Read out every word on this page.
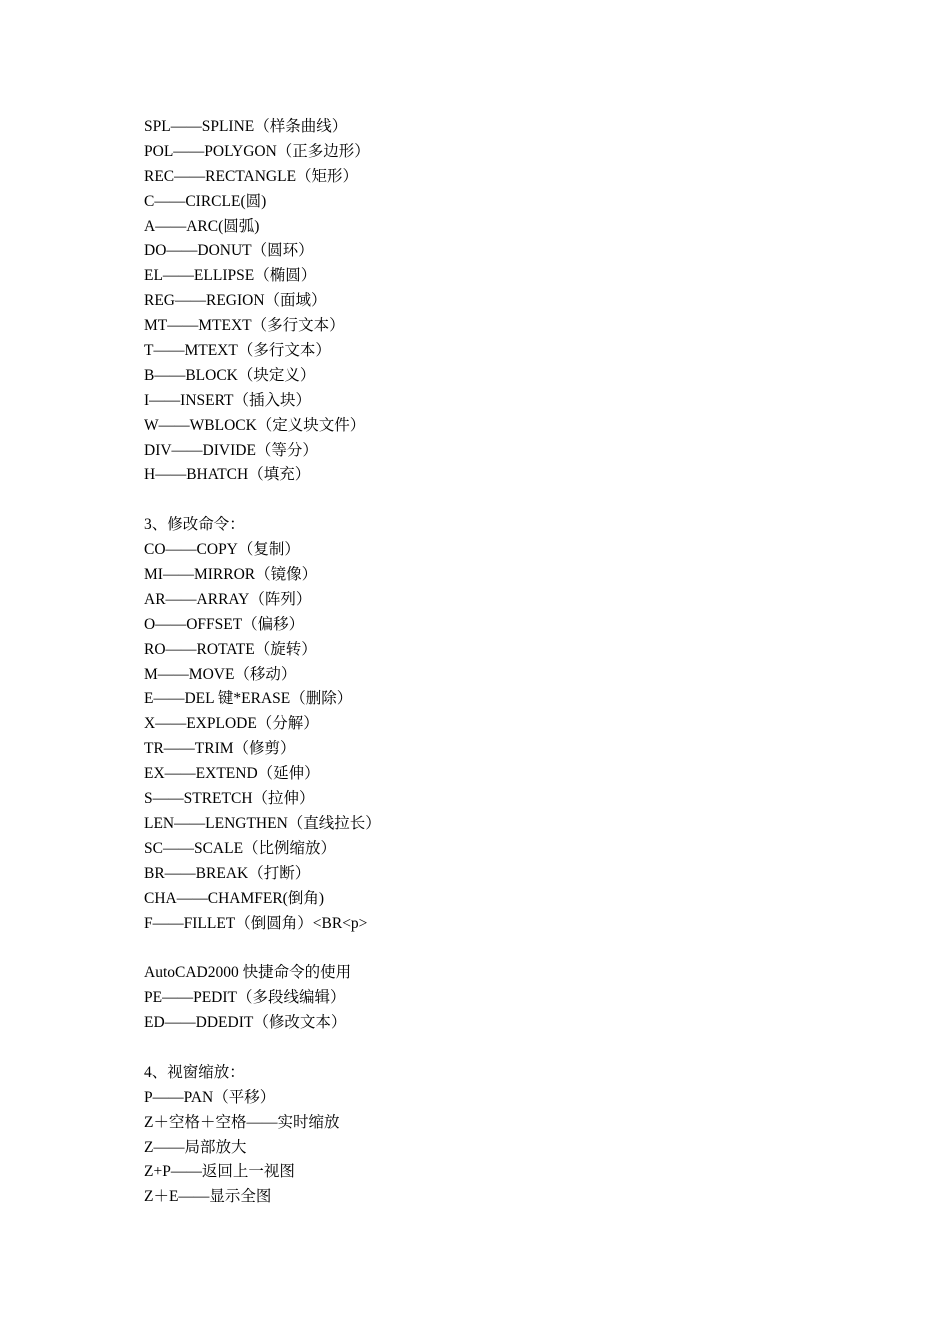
SPL——SPLINE（样条曲线）
POL——POLYGON（正多边形）
REC——RECTANGLE（矩形）
C——CIRCLE(圆)
A——ARC(圆弧)
DO——DONUT（圆环）
EL——ELLIPSE（椭圆）
REG——REGION（面域）
MT——MTEXT（多行文本）
T——MTEXT（多行文本）
B——BLOCK（块定义）
I——INSERT（插入块）
W——WBLOCK（定义块文件）
DIV——DIVIDE（等分）
H——BHATCH（填充）
3、修改命令：
CO——COPY（复制）
MI——MIRROR（镜像）
AR——ARRAY（阵列）
O——OFFSET（偏移）
RO——ROTATE（旋转）
M——MOVE（移动）
E——DEL 键*ERASE（删除）
X——EXPLODE（分解）
TR——TRIM（修剪）
EX——EXTEND（延伸）
S——STRETCH（拉伸）
LEN——LENGTHEN（直线拉长）
SC——SCALE（比例缩放）
BR——BREAK（打断）
CHA——CHAMFER(倒角)
F——FILLET（倒圆角）<BR<p>
AutoCAD2000 快捷命令的使用
PE——PEDIT（多段线编辑）
ED——DDEDIT（修改文本）
4、视窗缩放：
P——PAN（平移）
Z＋空格＋空格——实时缩放
Z——局部放大
Z+P——返回上一视图
Z＋E——显示全图
